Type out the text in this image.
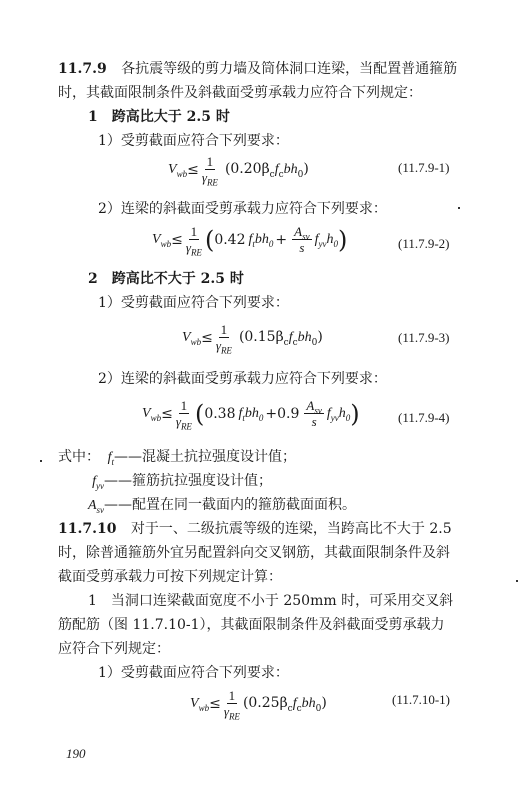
11.7.9 各抗震等级的剪力墙及筒体洞口连梁，当配置普通箍筋
时，其截面限制条件及斜截面受剪承载力应符合下列规定：
1　跨高比大于 2.5 时
1）受剪截面应符合下列要求：
$V_{wb} \le \frac{1}{\gamma_{RE}} (0.20\beta_cf_cbh_0)$	(11.7.9-1)
2）连梁的斜截面受剪承载力应符合下列要求：
$V_{wb} \le \frac{1}{\gamma_{RE}}$ ( 0.42 $f_tbh_0 + \frac{A_{sv}}{s} f_{yv}h_0$ )	(11.7.9-2)
2　跨高比不大于 2.5 时
1）受剪截面应符合下列要求：
$V_{wb} \le \frac{1}{\gamma_{RE}} (0.15\beta_cf_cbh_0)$	(11.7.9-3)
2）连梁的斜截面受剪承载力应符合下列要求：
$V_{wb} \le \frac{1}{\gamma_{RE}}$ ( 0.38 $f_tbh_0 +0.9 \frac{A_{sv}}{s} f_{yv}h_0$ )	(11.7.9-4)
式中： $f_t——$混凝土抗拉强度设计值；
$f_{yv}——$箍筋抗拉强度设计值；
$A_{sv}——$配置在同一截面内的箍筋截面面积。
11.7.10 对于一、二级抗震等级的连梁，当跨高比不大于 2.5
时，除普通箍筋外宜另配置斜向交叉钢筋，其截面限制条件及斜
截面受剪承载力可按下列规定计算：
1　当洞口连梁截面宽度不小于 250mm 时，可采用交叉斜
筋配筋（图 11.7.10-1），其截面限制条件及斜截面受剪承载力
应符合下列规定：
1）受剪截面应符合下列要求：
$V_{wb} \le \frac{1}{\gamma_{RE}} (0.25\beta_cf_cbh_0)$	(11.7.10-1)
190
